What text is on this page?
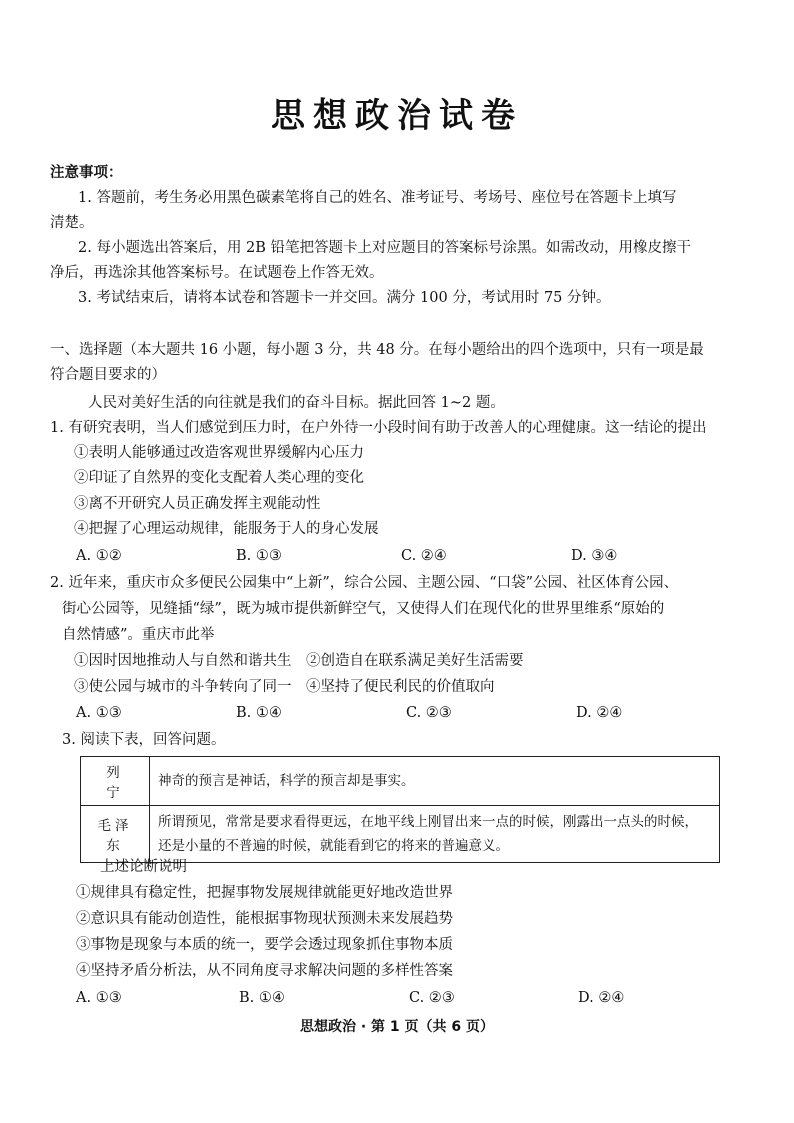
思想政治试卷
注意事项：
1. 答题前，考生务必用黑色碳素笔将自己的姓名、准考证号、考场号、座位号在答题卡上填写
清楚。
2. 每小题选出答案后，用 2B 铅笔把答题卡上对应题目的答案标号涂黑。如需改动，用橡皮擦干
净后，再选涂其他答案标号。在试题卷上作答无效。
3. 考试结束后，请将本试卷和答题卡一并交回。满分 100 分，考试用时 75 分钟。
一、选择题（本大题共 16 小题，每小题 3 分，共 48 分。在每小题给出的四个选项中，只有一项是最
符合题目要求的）
人民对美好生活的向往就是我们的奋斗目标。据此回答 1~2 题。
1. 有研究表明，当人们感觉到压力时，在户外待一小段时间有助于改善人的心理健康。这一结论的提出
①表明人能够通过改造客观世界缓解内心压力
②印证了自然界的变化支配着人类心理的变化
③离不开研究人员正确发挥主观能动性
④把握了心理运动规律，能服务于人的身心发展
A. ①②	B. ①③	C. ②④	D. ③④
2. 近年来，重庆市众多便民公园集中“上新”，综合公园、主题公园、“口袋”公园、社区体育公园、
街心公园等，见缝插“绿”，既为城市提供新鲜空气，又使得人们在现代化的世界里维系“原始的
自然情感”。重庆市此举
①因时因地推动人与自然和谐共生　②创造自在联系满足美好生活需要
③使公园与城市的斗争转向了同一　④坚持了便民利民的价值取向
A. ①③	B. ①④	C. ②③	D. ②④
3. 阅读下表，回答问题。
列　宁	神奇的预言是神话，科学的预言却是事实。
毛泽东	所谓预见，常常是要求看得更远，在地平线上刚冒出来一点的时候，刚露出一点头的时候，还是小量的不普遍的时候，就能看到它的将来的普遍意义。
上述论断说明
①规律具有稳定性，把握事物发展规律就能更好地改造世界
②意识具有能动创造性，能根据事物现状预测未来发展趋势
③事物是现象与本质的统一，要学会透过现象抓住事物本质
④坚持矛盾分析法，从不同角度寻求解决问题的多样性答案
A. ①③	B. ①④	C. ②③	D. ②④
思想政治 · 第 1 页（共 6 页）
